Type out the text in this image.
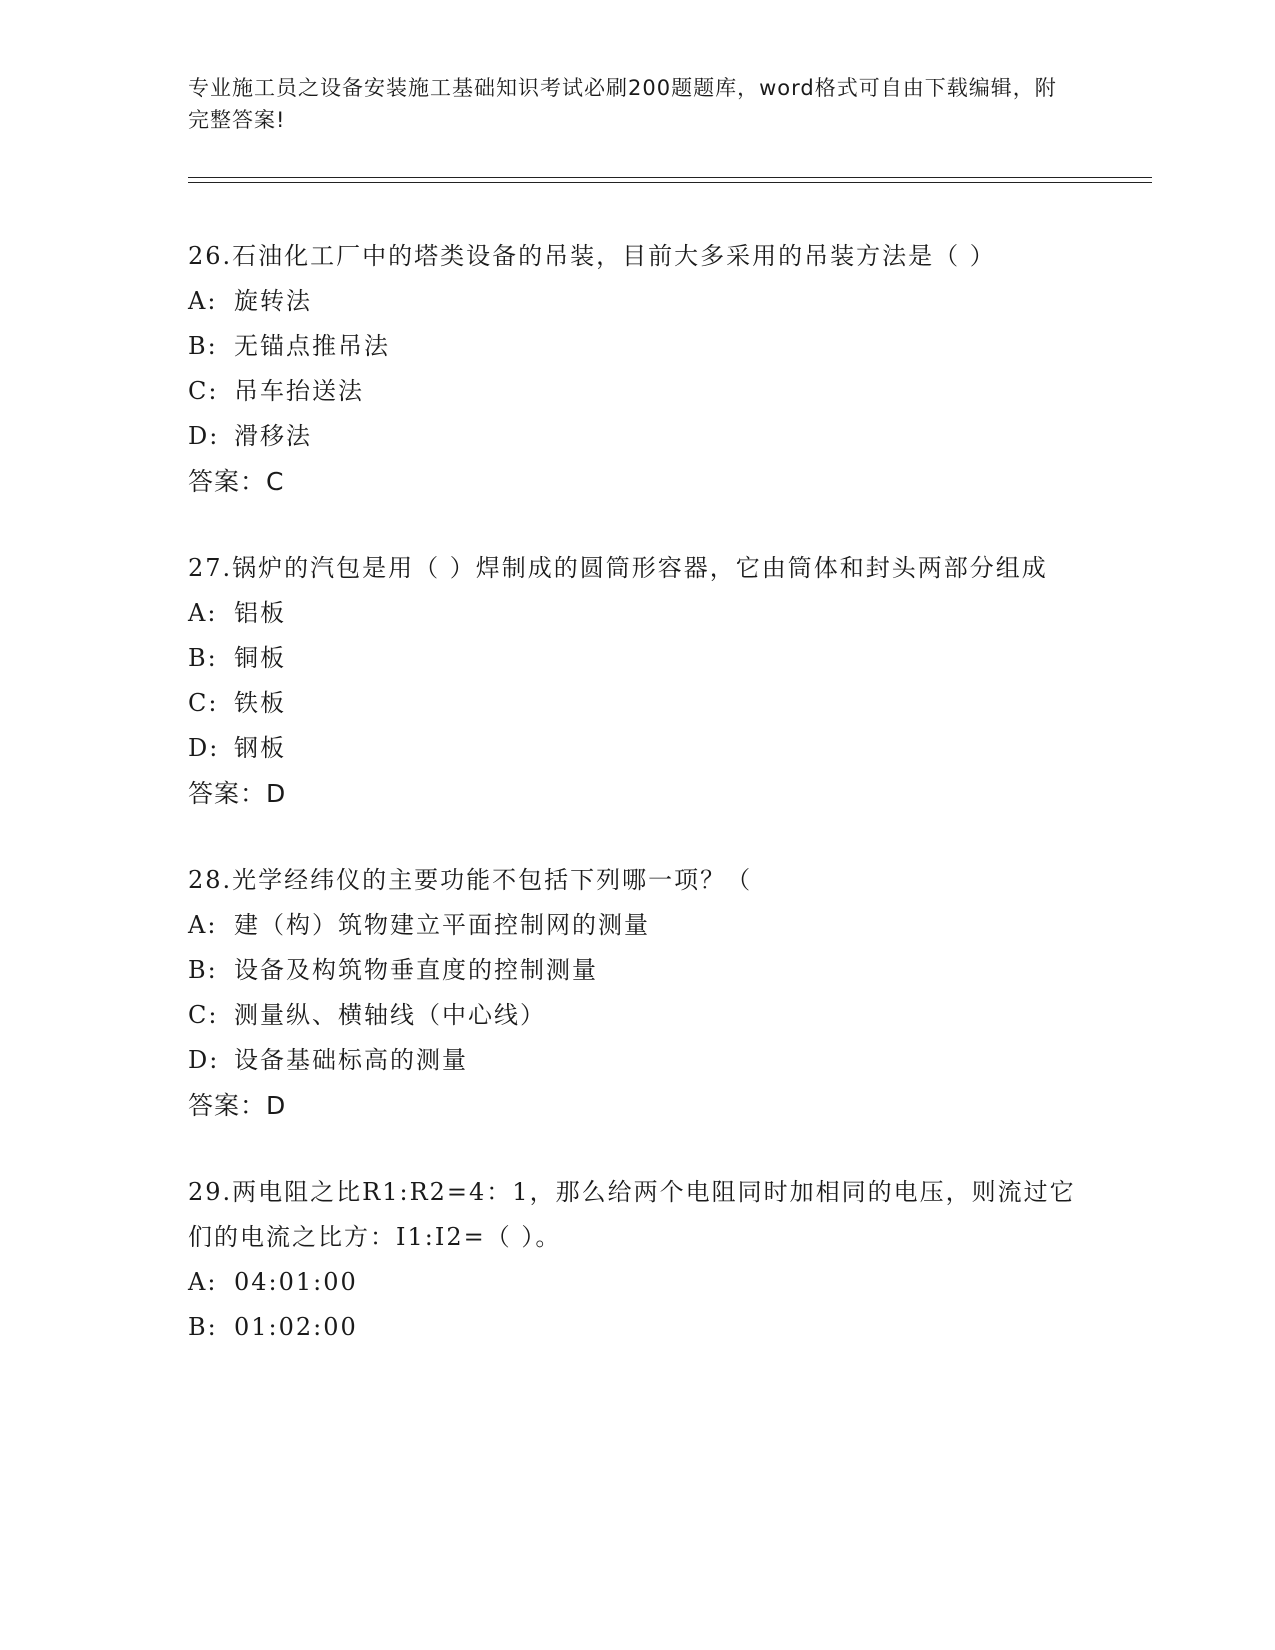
专业施工员之设备安装施工基础知识考试必刷200题题库，word格式可自由下载编辑，附完整答案!

26.石油化工厂中的塔类设备的吊装，目前大多采用的吊装方法是（ ）

A: 旋转法

B: 无锚点推吊法

C: 吊车抬送法

D: 滑移法

答案：C

27.锅炉的汽包是用（ ）焊制成的圆筒形容器，它由筒体和封头两部分组成

A: 铝板

B: 铜板

C: 铁板

D: 钢板

答案：D

28.光学经纬仪的主要功能不包括下列哪一项？（

A: 建（构）筑物建立平面控制网的测量

B: 设备及构筑物垂直度的控制测量

C: 测量纵、横轴线（中心线）

D: 设备基础标高的测量

答案：D

29.两电阻之比R1:R2=4：1，那么给两个电阻同时加相同的电压，则流过它们的电流之比方：I1:I2=（ ）。

A: 04:01:00

B: 01:02:00
